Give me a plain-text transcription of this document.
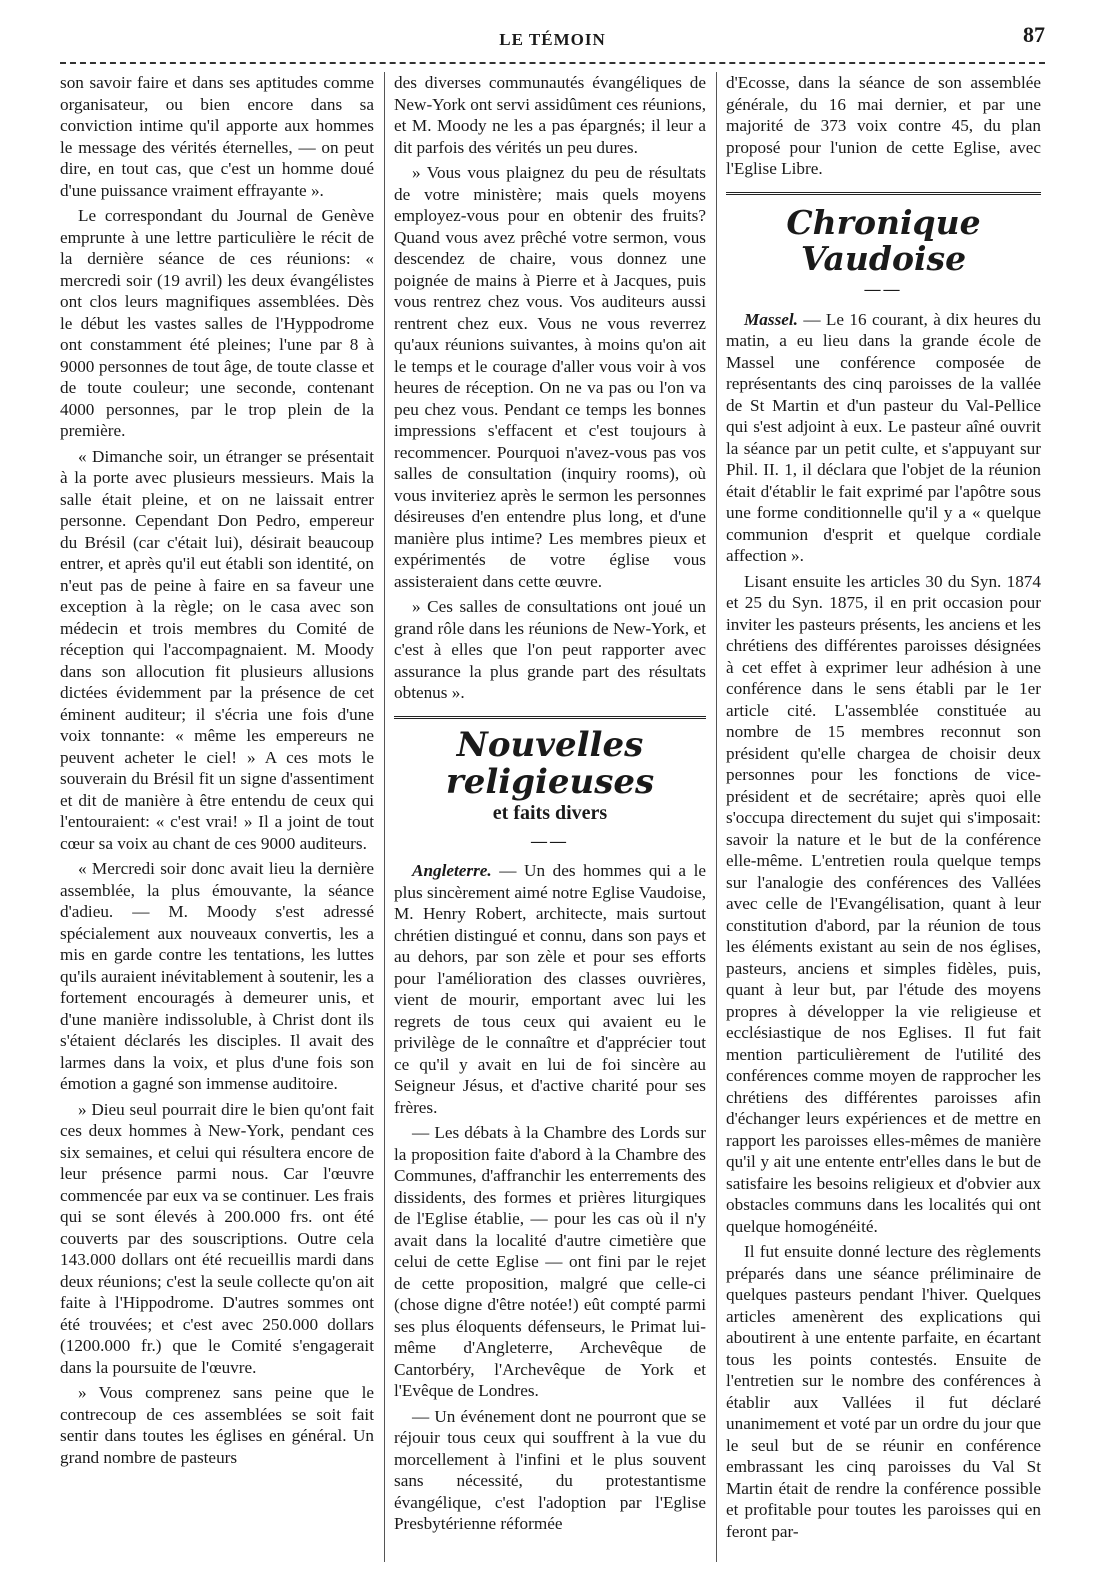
LE TÉMOIN	87

son savoir faire et dans ses aptitudes comme organisateur, ou bien encore dans sa conviction intime qu'il apporte aux hommes le message des vérités éternelles, — on peut dire, en tout cas, que c'est un homme doué d'une puissance vraiment effrayante ».

Le correspondant du Journal de Genève emprunte à une lettre particulière le récit de la dernière séance de ces réunions: « mercredi soir (19 avril) les deux évangélistes ont clos leurs magnifiques assemblées. Dès le début les vastes salles de l'Hyppodrome ont constamment été pleines; l'une par 8 à 9000 personnes de tout âge, de toute classe et de toute couleur; une seconde, contenant 4000 personnes, par le trop plein de la première.

« Dimanche soir, un étranger se présentait à la porte avec plusieurs messieurs. Mais la salle était pleine, et on ne laissait entrer personne. Cependant Don Pedro, empereur du Brésil (car c'était lui), désirait beaucoup entrer, et après qu'il eut établi son identité, on n'eut pas de peine à faire en sa faveur une exception à la règle; on le casa avec son médecin et trois membres du Comité de réception qui l'accompagnaient. M. Moody dans son allocution fit plusieurs allusions dictées évidemment par la présence de cet éminent auditeur; il s'écria une fois d'une voix tonnante: « même les empereurs ne peuvent acheter le ciel! » A ces mots le souverain du Brésil fit un signe d'assentiment et dit de manière à être entendu de ceux qui l'entouraient: « c'est vrai! » Il a joint de tout cœur sa voix au chant de ces 9000 auditeurs.

« Mercredi soir donc avait lieu la dernière assemblée, la plus émouvante, la séance d'adieu. — M. Moody s'est adressé spécialement aux nouveaux convertis, les a mis en garde contre les tentations, les luttes qu'ils auraient inévitablement à soutenir, les a fortement encouragés à demeurer unis, et d'une manière indissoluble, à Christ dont ils s'étaient déclarés les disciples. Il avait des larmes dans la voix, et plus d'une fois son émotion a gagné son immense auditoire.

» Dieu seul pourrait dire le bien qu'ont fait ces deux hommes à New-York, pendant ces six semaines, et celui qui résultera encore de leur présence parmi nous. Car l'œuvre commencée par eux va se continuer. Les frais qui se sont élevés à 200.000 frs. ont été couverts par des souscriptions. Outre cela 143.000 dollars ont été recueillis mardi dans deux réunions; c'est la seule collecte qu'on ait faite à l'Hippodrome. D'autres sommes ont été trouvées; et c'est avec 250.000 dollars (1200.000 fr.) que le Comité s'engagerait dans la poursuite de l'œuvre.

» Vous comprenez sans peine que le contrecoup de ces assemblées se soit fait sentir dans toutes les églises en général. Un grand nombre de pasteurs

des diverses communautés évangéliques de New-York ont servi assidûment ces réunions, et M. Moody ne les a pas épargnés; il leur a dit parfois des vérités un peu dures.

» Vous vous plaignez du peu de résultats de votre ministère; mais quels moyens employez-vous pour en obtenir des fruits? Quand vous avez prêché votre sermon, vous descendez de chaire, vous donnez une poignée de mains à Pierre et à Jacques, puis vous rentrez chez vous. Vos auditeurs aussi rentrent chez eux. Vous ne vous reverrez qu'aux réunions suivantes, à moins qu'on ait le temps et le courage d'aller vous voir à vos heures de réception. On ne va pas ou l'on va peu chez vous. Pendant ce temps les bonnes impressions s'effacent et c'est toujours à recommencer. Pourquoi n'avez-vous pas vos salles de consultation (inquiry rooms), où vous inviteriez après le sermon les personnes désireuses d'en entendre plus long, et d'une manière plus intime? Les membres pieux et expérimentés de votre église vous assisteraient dans cette œuvre.

» Ces salles de consultations ont joué un grand rôle dans les réunions de New-York, et c'est à elles que l'on peut rapporter avec assurance la plus grande part des résultats obtenus ».

Nouvelles religieuses
et faits divers
——

Angleterre. — Un des hommes qui a le plus sincèrement aimé notre Eglise Vaudoise, M. Henry Robert, architecte, mais surtout chrétien distingué et connu, dans son pays et au dehors, par son zèle et pour ses efforts pour l'amélioration des classes ouvrières, vient de mourir, emportant avec lui les regrets de tous ceux qui avaient eu le privilège de le connaître et d'apprécier tout ce qu'il y avait en lui de foi sincère au Seigneur Jésus, et d'active charité pour ses frères.

— Les débats à la Chambre des Lords sur la proposition faite d'abord à la Chambre des Communes, d'affranchir les enterrements des dissidents, des formes et prières liturgiques de l'Eglise établie, — pour les cas où il n'y avait dans la localité d'autre cimetière que celui de cette Eglise — ont fini par le rejet de cette proposition, malgré que celle-ci (chose digne d'être notée!) eût compté parmi ses plus éloquents défenseurs, le Primat lui-même d'Angleterre, Archevêque de Cantorbéry, l'Archevêque de York et l'Evêque de Londres.

— Un événement dont ne pourront que se réjouir tous ceux qui souffrent à la vue du morcellement à l'infini et le plus souvent sans nécessité, du protestantisme évangélique, c'est l'adoption par l'Eglise Presbytérienne réformée

d'Ecosse, dans la séance de son assemblée générale, du 16 mai dernier, et par une majorité de 373 voix contre 45, du plan proposé pour l'union de cette Eglise, avec l'Eglise Libre.

Chronique Vaudoise
——

Massel. — Le 16 courant, à dix heures du matin, a eu lieu dans la grande école de Massel une conférence composée de représentants des cinq paroisses de la vallée de St Martin et d'un pasteur du Val-Pellice qui s'est adjoint à eux. Le pasteur aîné ouvrit la séance par un petit culte, et s'appuyant sur Phil. II. 1, il déclara que l'objet de la réunion était d'établir le fait exprimé par l'apôtre sous une forme conditionnelle qu'il y a « quelque communion d'esprit et quelque cordiale affection ».

Lisant ensuite les articles 30 du Syn. 1874 et 25 du Syn. 1875, il en prit occasion pour inviter les pasteurs présents, les anciens et les chrétiens des différentes paroisses désignées à cet effet à exprimer leur adhésion à une conférence dans le sens établi par le 1er article cité. L'assemblée constituée au nombre de 15 membres reconnut son président qu'elle chargea de choisir deux personnes pour les fonctions de vice-président et de secrétaire; après quoi elle s'occupa directement du sujet qui s'imposait: savoir la nature et le but de la conférence elle-même. L'entretien roula quelque temps sur l'analogie des conférences des Vallées avec celle de l'Evangélisation, quant à leur constitution d'abord, par la réunion de tous les éléments existant au sein de nos églises, pasteurs, anciens et simples fidèles, puis, quant à leur but, par l'étude des moyens propres à développer la vie religieuse et ecclésiastique de nos Eglises. Il fut fait mention particulièrement de l'utilité des conférences comme moyen de rapprocher les chrétiens des différentes paroisses afin d'échanger leurs expériences et de mettre en rapport les paroisses elles-mêmes de manière qu'il y ait une entente entr'elles dans le but de satisfaire les besoins religieux et d'obvier aux obstacles communs dans les localités qui ont quelque homogénéité.

Il fut ensuite donné lecture des règlements préparés dans une séance préliminaire de quelques pasteurs pendant l'hiver. Quelques articles amenèrent des explications qui aboutirent à une entente parfaite, en écartant tous les points contestés. Ensuite de l'entretien sur le nombre des conférences à établir aux Vallées il fut déclaré unanimement et voté par un ordre du jour que le seul but de se réunir en conférence embrassant les cinq paroisses du Val St Martin était de rendre la conférence possible et profitable pour toutes les paroisses qui en feront par-
